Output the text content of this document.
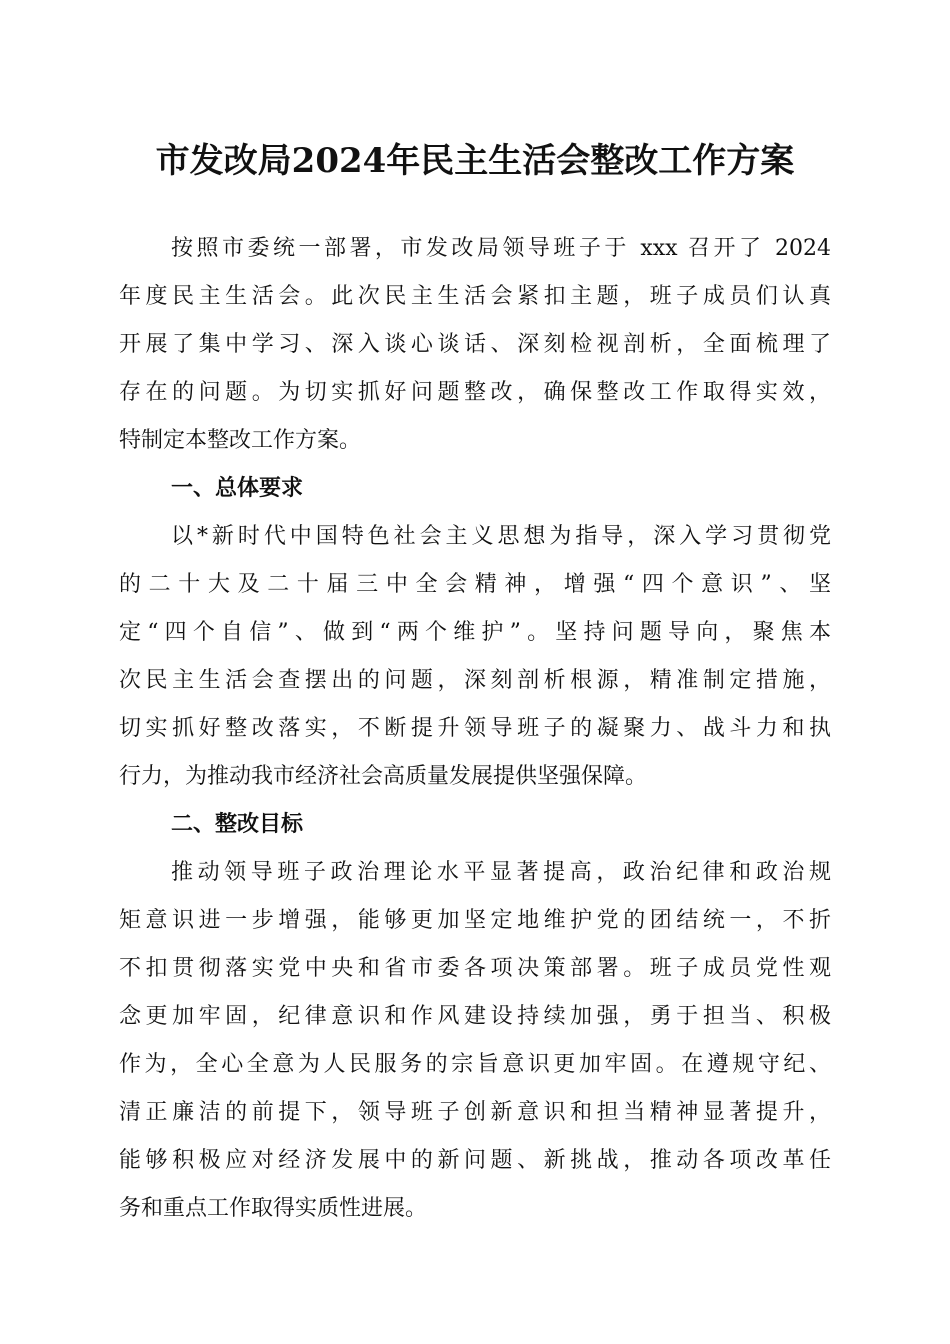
市发改局2024年民主生活会整改工作方案

按照市委统一部署，市发改局领导班子于 xxx 召开了 2024

年度民主生活会。此次民主生活会紧扣主题，班子成员们认真

开展了集中学习、深入谈心谈话、深刻检视剖析，全面梳理了

存在的问题。为切实抓好问题整改，确保整改工作取得实效，

特制定本整改工作方案。

一、总体要求

以*新时代中国特色社会主义思想为指导，深入学习贯彻党

的二十大及二十届三中全会精神，增强“四个意识”、坚

定“四个自信”、做到“两个维护”。坚持问题导向，聚焦本

次民主生活会查摆出的问题，深刻剖析根源，精准制定措施，

切实抓好整改落实，不断提升领导班子的凝聚力、战斗力和执

行力，为推动我市经济社会高质量发展提供坚强保障。

二、整改目标

推动领导班子政治理论水平显著提高，政治纪律和政治规

矩意识进一步增强，能够更加坚定地维护党的团结统一，不折

不扣贯彻落实党中央和省市委各项决策部署。班子成员党性观

念更加牢固，纪律意识和作风建设持续加强，勇于担当、积极

作为，全心全意为人民服务的宗旨意识更加牢固。在遵规守纪、

清正廉洁的前提下，领导班子创新意识和担当精神显著提升，

能够积极应对经济发展中的新问题、新挑战，推动各项改革任

务和重点工作取得实质性进展。
